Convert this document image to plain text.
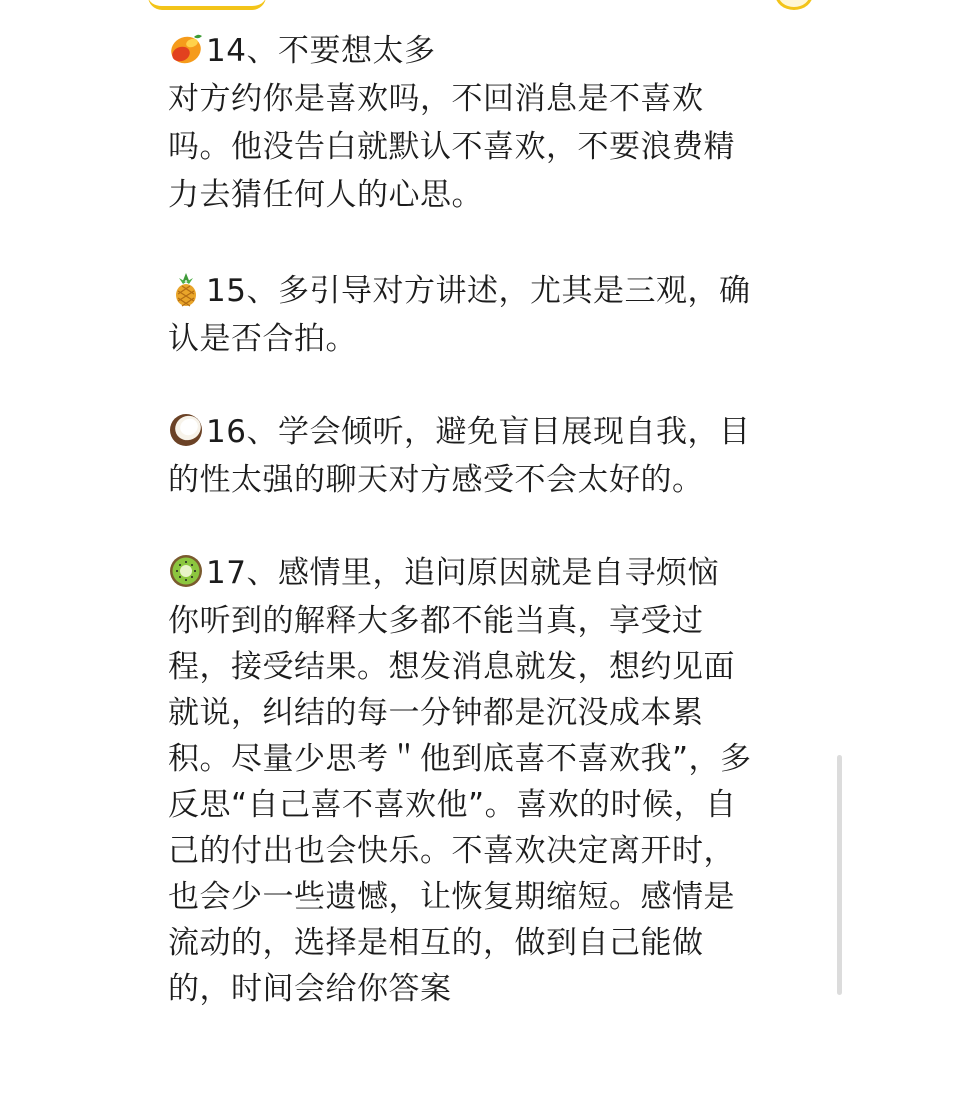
14、不要想太多
对方约你是喜欢吗，不回消息是不喜欢
吗。他没告白就默认不喜欢，不要浪费精
力去猜任何人的心思。
15、多引导对方讲述，尤其是三观，确
认是否合拍。
16、学会倾听，避免盲目展现自我，目
的性太强的聊天对方感受不会太好的。
17、感情里，追问原因就是自寻烦恼
你听到的解释大多都不能当真，享受过
程，接受结果。想发消息就发，想约见面
就说，纠结的每一分钟都是沉没成本累
积。尽量少思考＂他到底喜不喜欢我”，多
反思“自己喜不喜欢他”。喜欢的时候，自
己的付出也会快乐。不喜欢决定离开时，
也会少一些遗憾，让恢复期缩短。感情是
流动的，选择是相互的，做到自己能做
的，时间会给你答案
